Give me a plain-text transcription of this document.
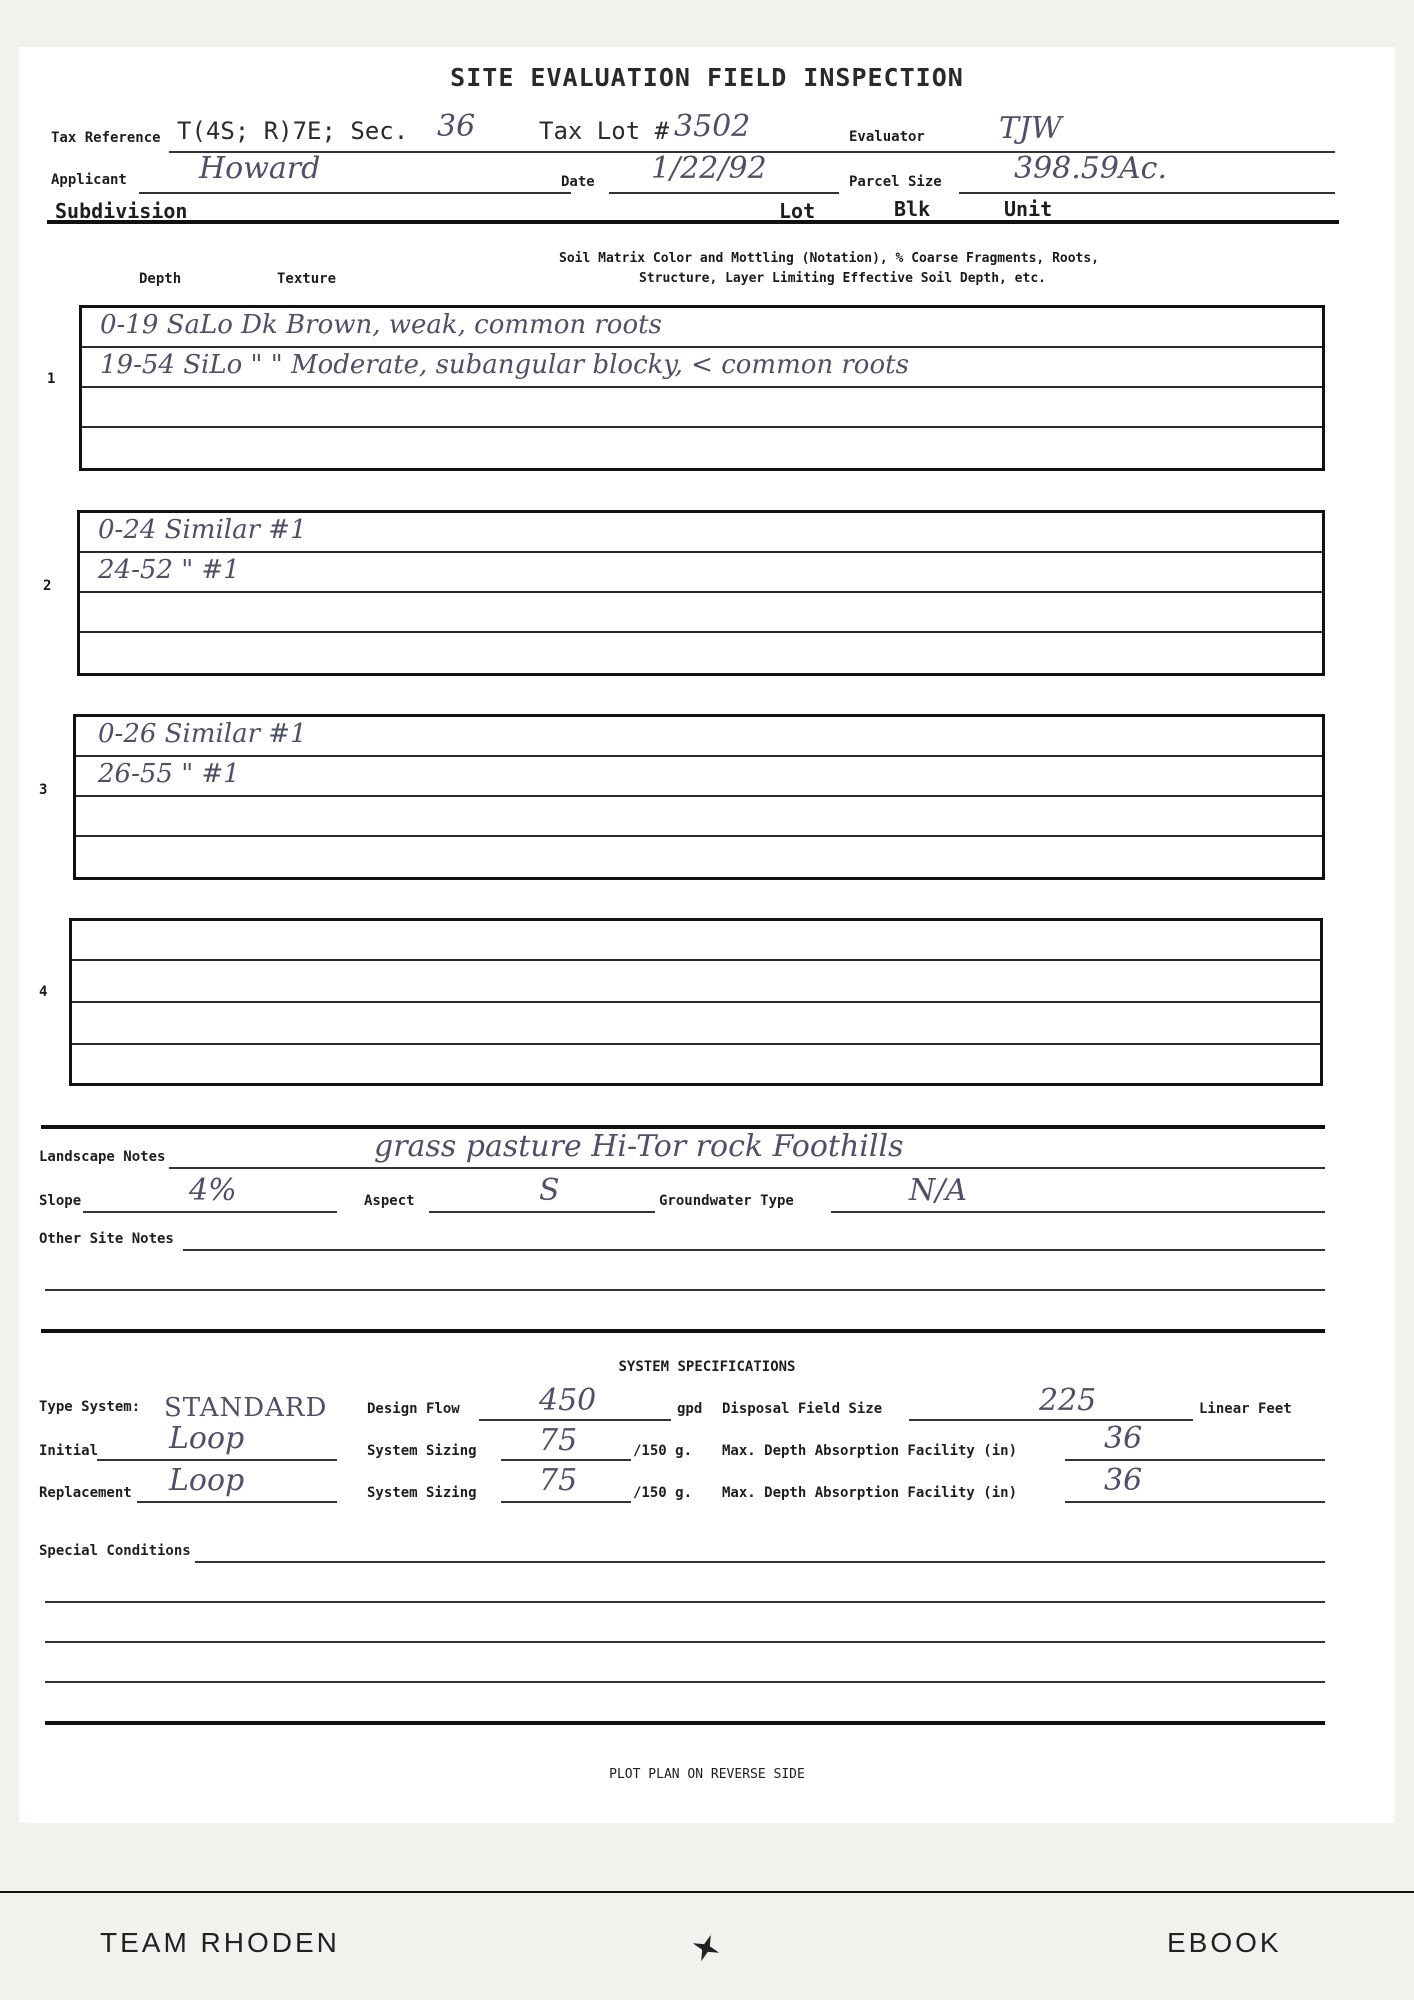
SITE EVALUATION FIELD INSPECTION
Tax Reference T(4S; R)7E; Sec. 36	Tax Lot # 3502	Evaluator TJW
Applicant Howard	Date 1/22/92	Parcel Size 398.59Ac.
Subdivision	Lot	Blk	Unit
Depth	Texture
Soil Matrix Color and Mottling (Notation), % Coarse Fragments, Roots,
Structure, Layer Limiting Effective Soil Depth, etc.
1
0-19 SaLo Dk Brown, weak, common roots
19-54 SiLo " " Moderate, subangular blocky, < common roots
2
0-24 Similar #1
24-52 " #1
3
0-26 Similar #1
26-55 " #1
4
Landscape Notes	grass pasture Hi-Tor rock Foothills
Slope	4%	Aspect	S	Groundwater Type	N/A
Other Site Notes
SYSTEM SPECIFICATIONS
Type System: STANDARD	Design Flow	450	gpd Disposal Field Size	225	Linear Feet
Initial Loop	System Sizing 75	/150 g. Max. Depth Absorption Facility (in)	36
Replacement Loop	System Sizing 75	/150 g. Max. Depth Absorption Facility (in)	36
Special Conditions
PLOT PLAN ON REVERSE SIDE
TEAM RHODEN	EBOOK
